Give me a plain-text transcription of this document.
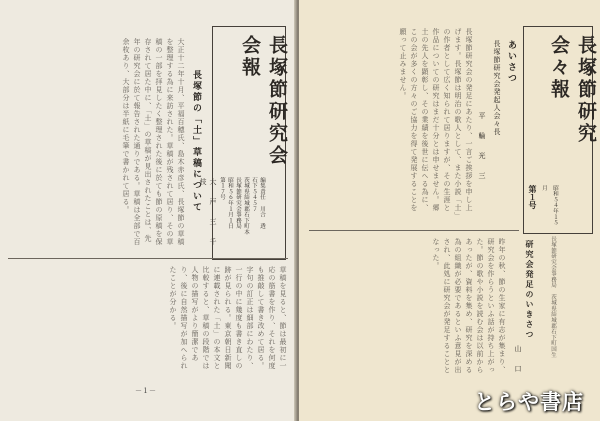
長塚節の「土」草稿について	大　戸　三　千　枝
大正十二年十月、平福百穂氏、島木赤彦氏、長塚節の草稿を整理する為に来訪された。草稿が残されて居り、その草稿の一部を拝見したく整理された後に於ても節の原稿を保存されて居た中に、「土」の草稿が見出されたことは、先年の研究会に於て報告された通りである。草稿は全部で百余枚あり、大部分は半紙に毛筆で書かれて居る。	長塚節研究会会報
第１７号 昭和５６年１月１日 長塚節研究会事務局 茨城県結城郡石下町本 石下５４５７ 編集責任　川合　透
草稿を見ると、節は最初に一応の筋書を作り、それを何度も推敲して書き改めて居る。字句の訂正は細部にわたり、一行の中に幾度も書き直しの跡が見られる。東京朝日新聞に連載された「土」の本文と比較すると、草稿の段階では人物の描写がより簡潔であり、後に自然描写が加へられたことが分かる。
－１－
長塚節研究会の発足にあたり、一言ご挨拶を申し上げます。長塚節は明治の歌人として、また小説「土」の作者として広く知られて居りますが、その生涯と作品についての研究はまだ十分とは申せません。郷土の先人を顕彰し、その業績を後世に伝へる為に、この会が多くの方々のご協力を得て発展することを願って止みません。
平　輪　光　三
長塚節研究会発起人会々長 あいさつ	長塚節研究会々報
第１号	昭和５４年１５月
長塚節研究会事務局　茨城県結城郡石下町国生
研究会発足のいきさつ
山　口
昨年の秋、節の生家に有志が集まり、研究会を作らうといふ話が持ち上がった。節の歌や小説を読む会は以前からあったが、資料を集め、研究を深める為の組織が必要であるといふ意見が出され、此処に研究会が発足することとなった。
とらや書店
